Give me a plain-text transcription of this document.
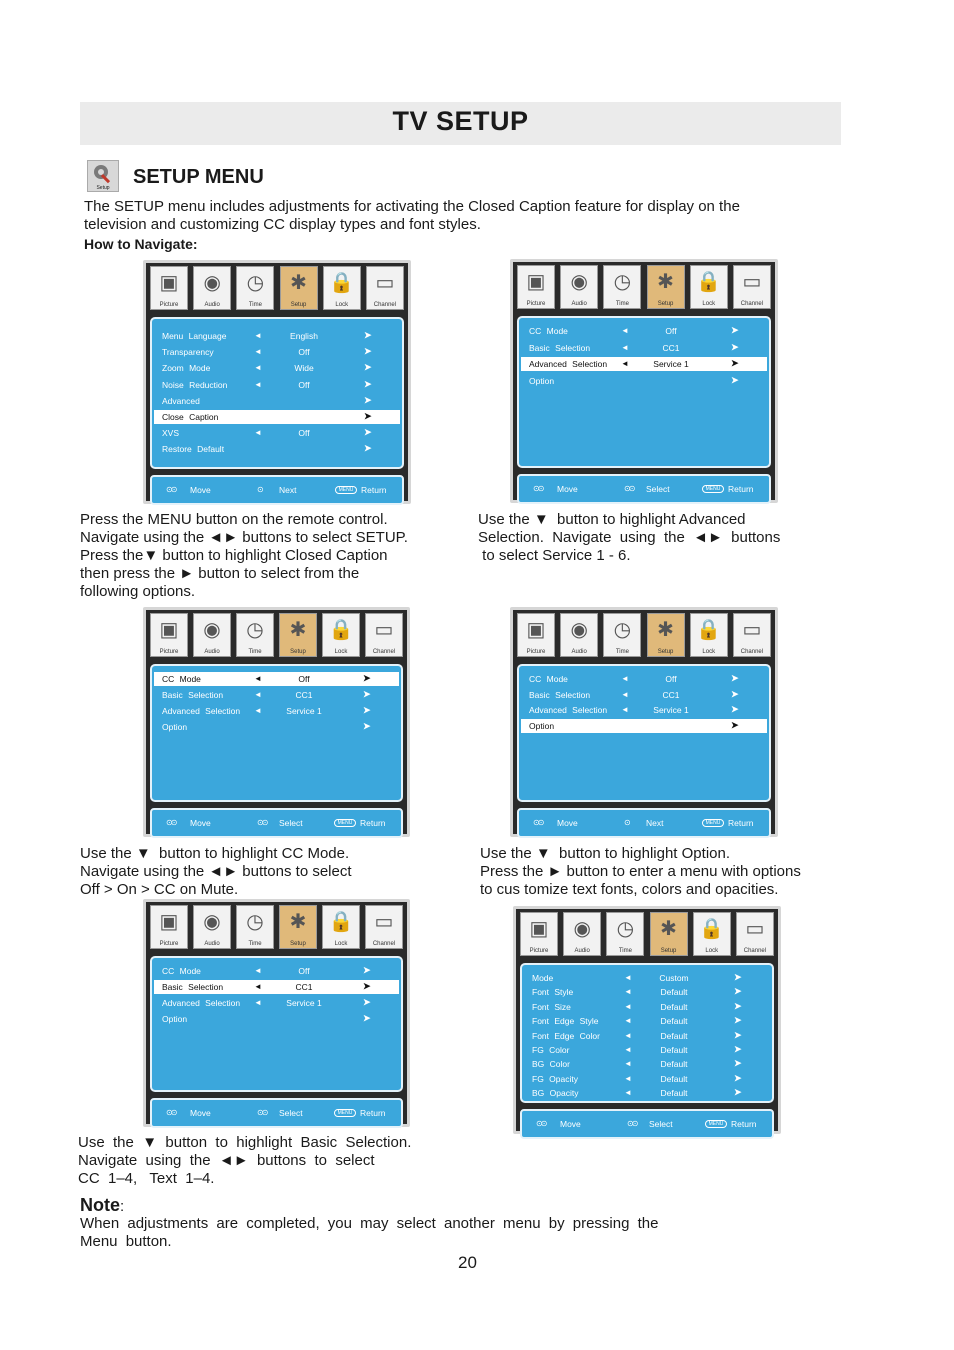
TV SETUP
Setup	SETUP MENU
The SETUP menu includes adjustments for activating the Closed Caption feature for display on the television and customizing CC display types and font styles.
How to Navigate:
▣
Picture
◉
Audio
◷
Time
✱
Setup
🔒
Lock
▭
Channel
Menu Language	◄	English	➤
Transparency	◄	Off	➤
Zoom Mode	◄	Wide	➤
Noise Reduction	◄	Off	➤
Advanced	➤
Close Caption	➤
XVS	◄	Off	➤
Restore Default	➤
⊙⊙ Move	⊙ Next	MENU Return
▣
Picture
◉
Audio
◷
Time
✱
Setup
🔒
Lock
▭
Channel
CC Mode	◄	Off	➤
Basic Selection	◄	CC1	➤
Advanced Selection ◄	Service 1	➤
Option	➤
⊙⊙ Move	⊙⊙ Select	MENU Return
▣
Picture
◉
Audio
◷
Time
✱
Setup
🔒
Lock
▭
Channel
CC Mode	◄	Off	➤
Basic Selection	◄	CC1	➤
Advanced Selection ◄	Service 1	➤
Option	➤
⊙⊙ Move	⊙⊙ Select	MENU Return
▣
Picture
◉
Audio
◷
Time
✱
Setup
🔒
Lock
▭
Channel
CC Mode	◄	Off	➤
Basic Selection	◄	CC1	➤
Advanced Selection ◄	Service 1	➤
Option	➤
⊙⊙ Move	⊙ Next	MENU Return
▣
Picture
◉
Audio
◷
Time
✱
Setup
🔒
Lock
▭
Channel
CC Mode	◄	Off	➤
Basic Selection	◄	CC1	➤
Advanced Selection ◄	Service 1	➤
Option	➤
⊙⊙ Move	⊙⊙ Select	MENU Return
▣
Picture
◉
Audio
◷
Time
✱
Setup
🔒
Lock
▭
Channel
Mode	◄	Custom	➤
Font Style	◄	Default	➤
Font Size	◄	Default	➤
Font Edge Style	◄	Default	➤
Font Edge Color	◄	Default	➤
FG Color	◄	Default	➤
BG Color	◄	Default	➤
FG Opacity	◄	Default	➤
BG Opacity	◄	Default	➤
⊙⊙ Move	⊙⊙ Select	MENU Return
Press the MENU button on the remote control.
Navigate using the ◄► buttons to select SETUP.
Press the▼ button to highlight Closed Caption
then press the ► button to select from the
following options.
Use the ▼  button to highlight Advanced
Selection.  Navigate  using  the  ◄►  buttons
to select Service 1 - 6.
Use the ▼  button to highlight CC Mode.
Navigate using the ◄► buttons to select
Off > On > CC on Mute.
Use the ▼  button to highlight Option.
Press the ► button to enter a menu with options
to cus tomize text fonts, colors and opacities.
Use  the  ▼  button  to  highlight  Basic  Selection.
Navigate  using  the  ◄►  buttons  to  select
CC  1–4,   Text  1–4.
Note:
When adjustments are completed, you may select another menu by pressing the Menu button.
20
